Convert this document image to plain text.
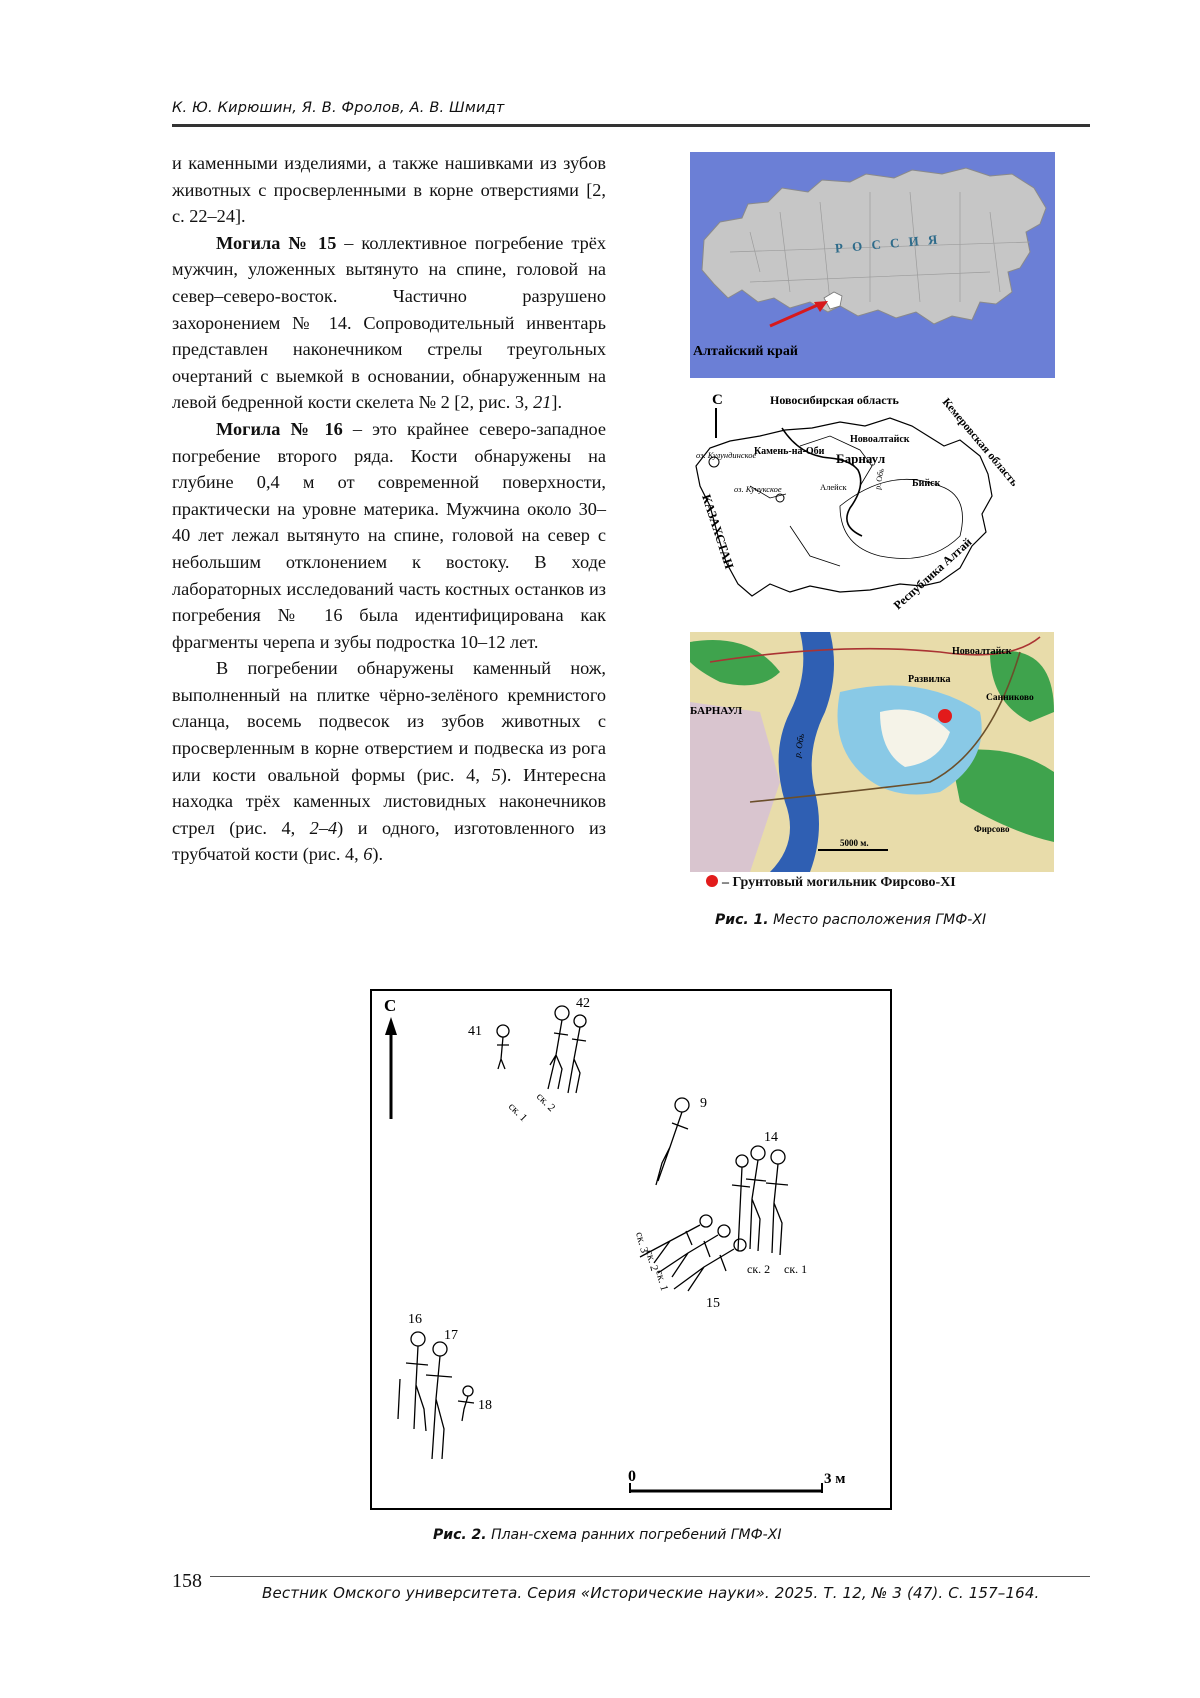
К. Ю. Кирюшин, Я. В. Фролов, А. В. Шмидт

и каменными изделиями, а также нашивками из зубов животных с просверленными в корне отверстиями [2, с. 22–24].

Могила № 15 – коллективное погребение трёх мужчин, уложенных вытянуто на спине, головой на север–северо-восток. Частично разрушено захоронением № 14. Сопроводительный инвентарь представлен наконечником стрелы треугольных очертаний с выемкой в основании, обнаруженным на левой бедренной кости скелета № 2 [2, рис. 3, 21].

Могила № 16 – это крайнее северо-западное погребение второго ряда. Кости обнаружены на глубине 0,4 м от современной поверхности, практически на уровне материка. Мужчина около 30–40 лет лежал вытянуто на спине, головой на север с небольшим отклонением к востоку. В ходе лабораторных исследований часть костных останков из погребения № 16 была идентифицирована как фрагменты черепа и зубы подростка 10–12 лет.

В погребении обнаружены каменный нож, выполненный на плитке чёрно-зелёного кремнистого сланца, восемь подвесок из зубов животных с просверленным в корне отверстием и подвеска из рога или кости овальной формы (рис. 4, 5). Интересна находка трёх каменных листовидных наконечников стрел (рис. 4, 2–4) и одного, изготовленного из трубчатой кости (рис. 4, 6).

Р О С С И Я
Алтайский край
С	Новосибирская область	Кемеровская область
Камень-на-Оби
Новоалтайск
Барнаул
оз. Кулундинское
оз. Кучукское	Алейск	Бийск
р. Обь
КАЗАХСТАН
Республика Алтай
Новоалтайск
Развилка
Санниково
БАРНАУЛ
Фирсово
5000 м.
р. Обь
– Грунтовый могильник Фирсово-XI
Рис. 1. Место расположения ГМФ-XI
С
41
42
9
14
15
16
17
18
ск. 1 ск. 2
ск. 2 ск. 1
ск. 3
ск. 2
ск. 1
0	3 м
Рис. 2. План-схема ранних погребений ГМФ-XI
158
Вестник Омского университета. Серия «Исторические науки». 2025. Т. 12, № 3 (47). С. 157–164.
